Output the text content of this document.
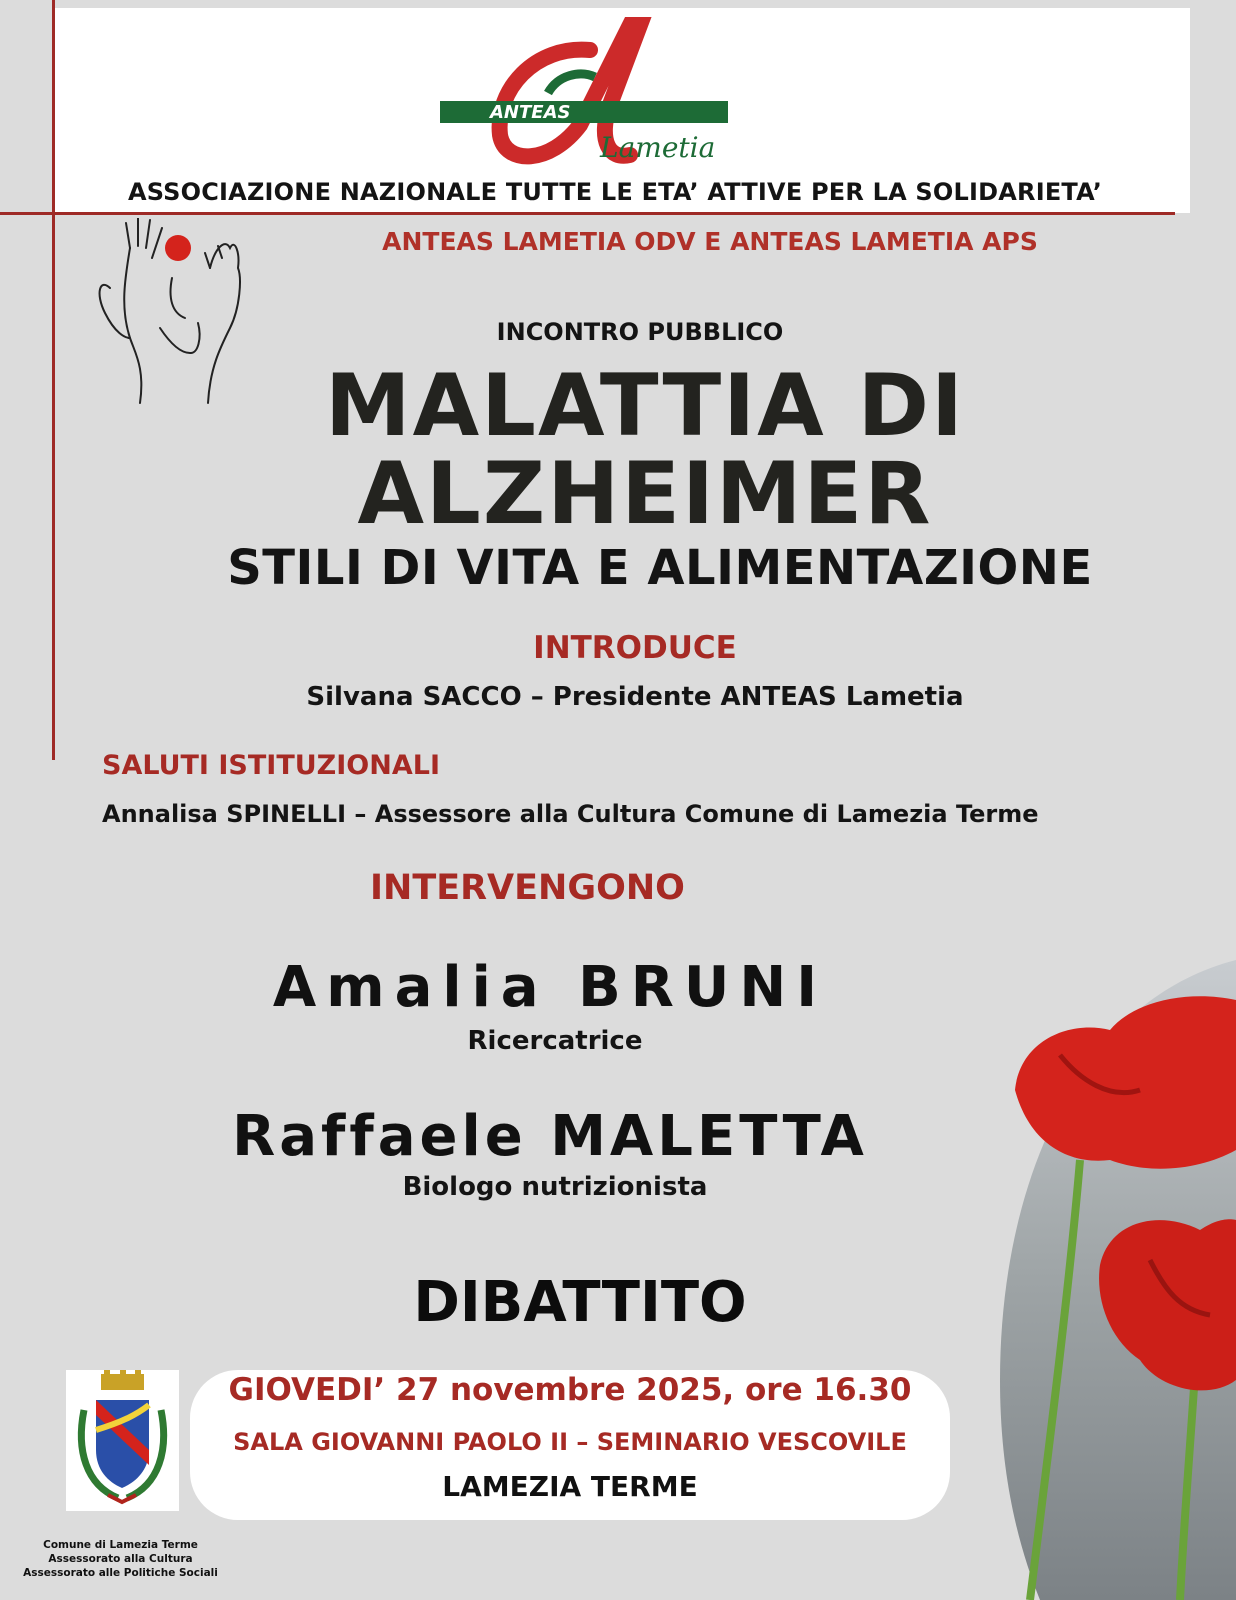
ANTEAS
Lametia
ASSOCIAZIONE NAZIONALE TUTTE LE ETA’ ATTIVE PER LA SOLIDARIETA’
ANTEAS LAMETIA ODV E ANTEAS LAMETIA APS
INCONTRO PUBBLICO
MALATTIA DI
ALZHEIMER
STILI DI VITA E ALIMENTAZIONE
INTRODUCE
Silvana SACCO – Presidente ANTEAS Lametia
SALUTI ISTITUZIONALI
Annalisa SPINELLI – Assessore alla Cultura Comune di Lamezia Terme
INTERVENGONO
Amalia BRUNI
Ricercatrice
Raffaele MALETTA
Biologo nutrizionista
DIBATTITO
GIOVEDI’ 27 novembre 2025, ore 16.30
SALA GIOVANNI PAOLO II – SEMINARIO VESCOVILE
LAMEZIA TERME
Comune di Lamezia Terme
Assessorato alla Cultura
Assessorato alle Politiche Sociali
